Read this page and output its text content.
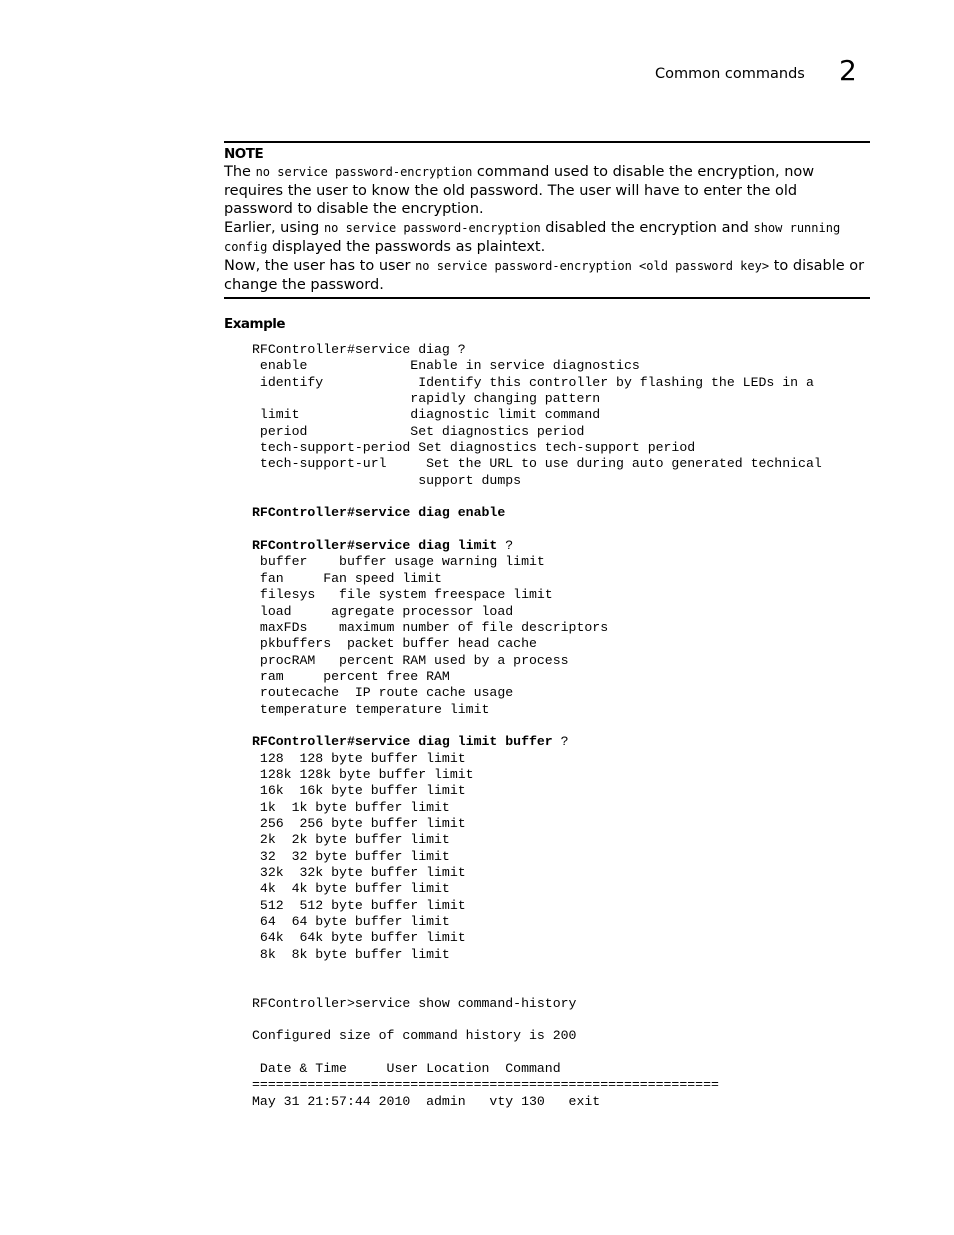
Common commands 2
NOTE

The no service password-encryption command used to disable the encryption, now requires the user to know the old password. The user will have to enter the old password to disable the encryption.

Earlier, using no service password-encryption disabled the encryption and show running config displayed the passwords as plaintext.

Now, the user has to user no service password-encryption <old password key> to disable or change the password.

Example
RFController#service diag ?
enable             Enable in service diagnostics
identify            Identify this controller by flashing the LEDs in a
rapidly changing pattern
limit              diagnostic limit command
period             Set diagnostics period
tech-support-period Set diagnostics tech-support period
tech-support-url     Set the URL to use during auto generated technical
support dumps
RFController#service diag enable
RFController#service diag limit ?
buffer    buffer usage warning limit
fan     Fan speed limit
filesys   file system freespace limit
load     agregate processor load
maxFDs    maximum number of file descriptors
pkbuffers  packet buffer head cache
procRAM   percent RAM used by a process
ram     percent free RAM
routecache  IP route cache usage
temperature temperature limit
RFController#service diag limit buffer ?
128  128 byte buffer limit
128k 128k byte buffer limit
16k  16k byte buffer limit
1k  1k byte buffer limit
256  256 byte buffer limit
2k  2k byte buffer limit
32  32 byte buffer limit
32k  32k byte buffer limit
4k  4k byte buffer limit
512  512 byte buffer limit
64  64 byte buffer limit
64k  64k byte buffer limit
8k  8k byte buffer limit
RFController>service show command-history
Configured size of command history is 200
Date & Time     User Location  Command
===========================================================
May 31 21:57:44 2010  admin   vty 130   exit
